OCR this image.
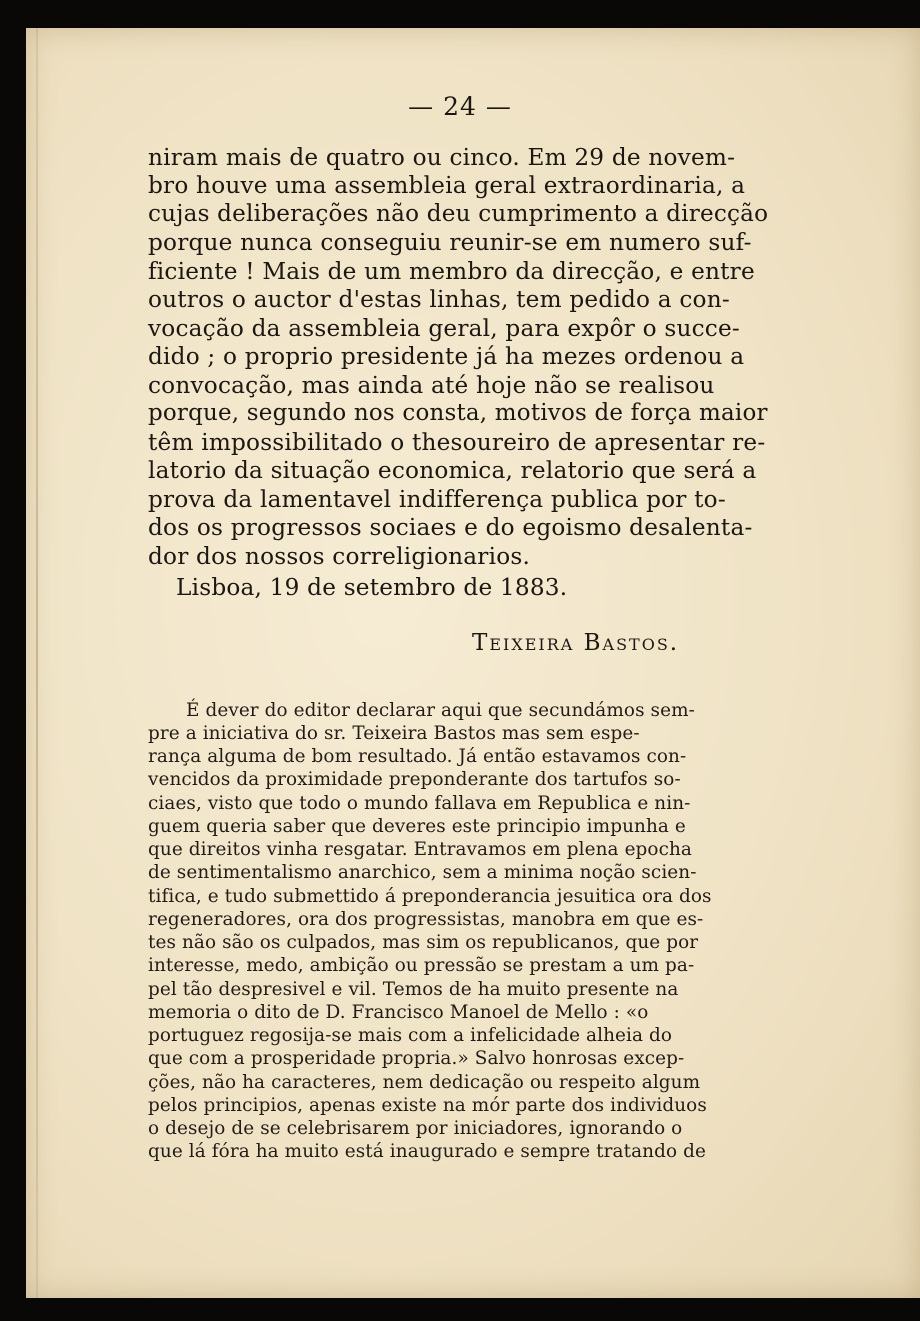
— 24 —

niram mais de quatro ou cinco. Em 29 de novem-

bro houve uma assembleia geral extraordinaria, a

cujas deliberações não deu cumprimento a direcção

porque nunca conseguiu reunir-se em numero suf-

ficiente ! Mais de um membro da direcção, e entre

outros o auctor d'estas linhas, tem pedido a con-

vocação da assembleia geral, para expôr o succe-

dido ; o proprio presidente já ha mezes ordenou a

convocação, mas ainda até hoje não se realisou

porque, segundo nos consta, motivos de força maior

têm impossibilitado o thesoureiro de apresentar re-

latorio da situação economica, relatorio que será a

prova da lamentavel indifferença publica por to-

dos os progressos sociaes e do egoismo desalenta-

dor dos nossos correligionarios.

Lisboa, 19 de setembro de 1883.

Teixeira Bastos.

É dever do editor declarar aqui que secundámos sem-

pre a iniciativa do sr. Teixeira Bastos mas sem espe-

rança alguma de bom resultado. Já então estavamos con-

vencidos da proximidade preponderante dos tartufos so-

ciaes, visto que todo o mundo fallava em Republica e nin-

guem queria saber que deveres este principio impunha e

que direitos vinha resgatar. Entravamos em plena epocha

de sentimentalismo anarchico, sem a minima noção scien-

tifica, e tudo submettido á preponderancia jesuitica ora dos

regeneradores, ora dos progressistas, manobra em que es-

tes não são os culpados, mas sim os republicanos, que por

interesse, medo, ambição ou pressão se prestam a um pa-

pel tão despresivel e vil. Temos de ha muito presente na

memoria o dito de D. Francisco Manoel de Mello : «o

portuguez regosija-se mais com a infelicidade alheia do

que com a prosperidade propria.» Salvo honrosas excep-

ções, não ha caracteres, nem dedicação ou respeito algum

pelos principios, apenas existe na mór parte dos individuos

o desejo de se celebrisarem por iniciadores, ignorando o

que lá fóra ha muito está inaugurado e sempre tratando de
